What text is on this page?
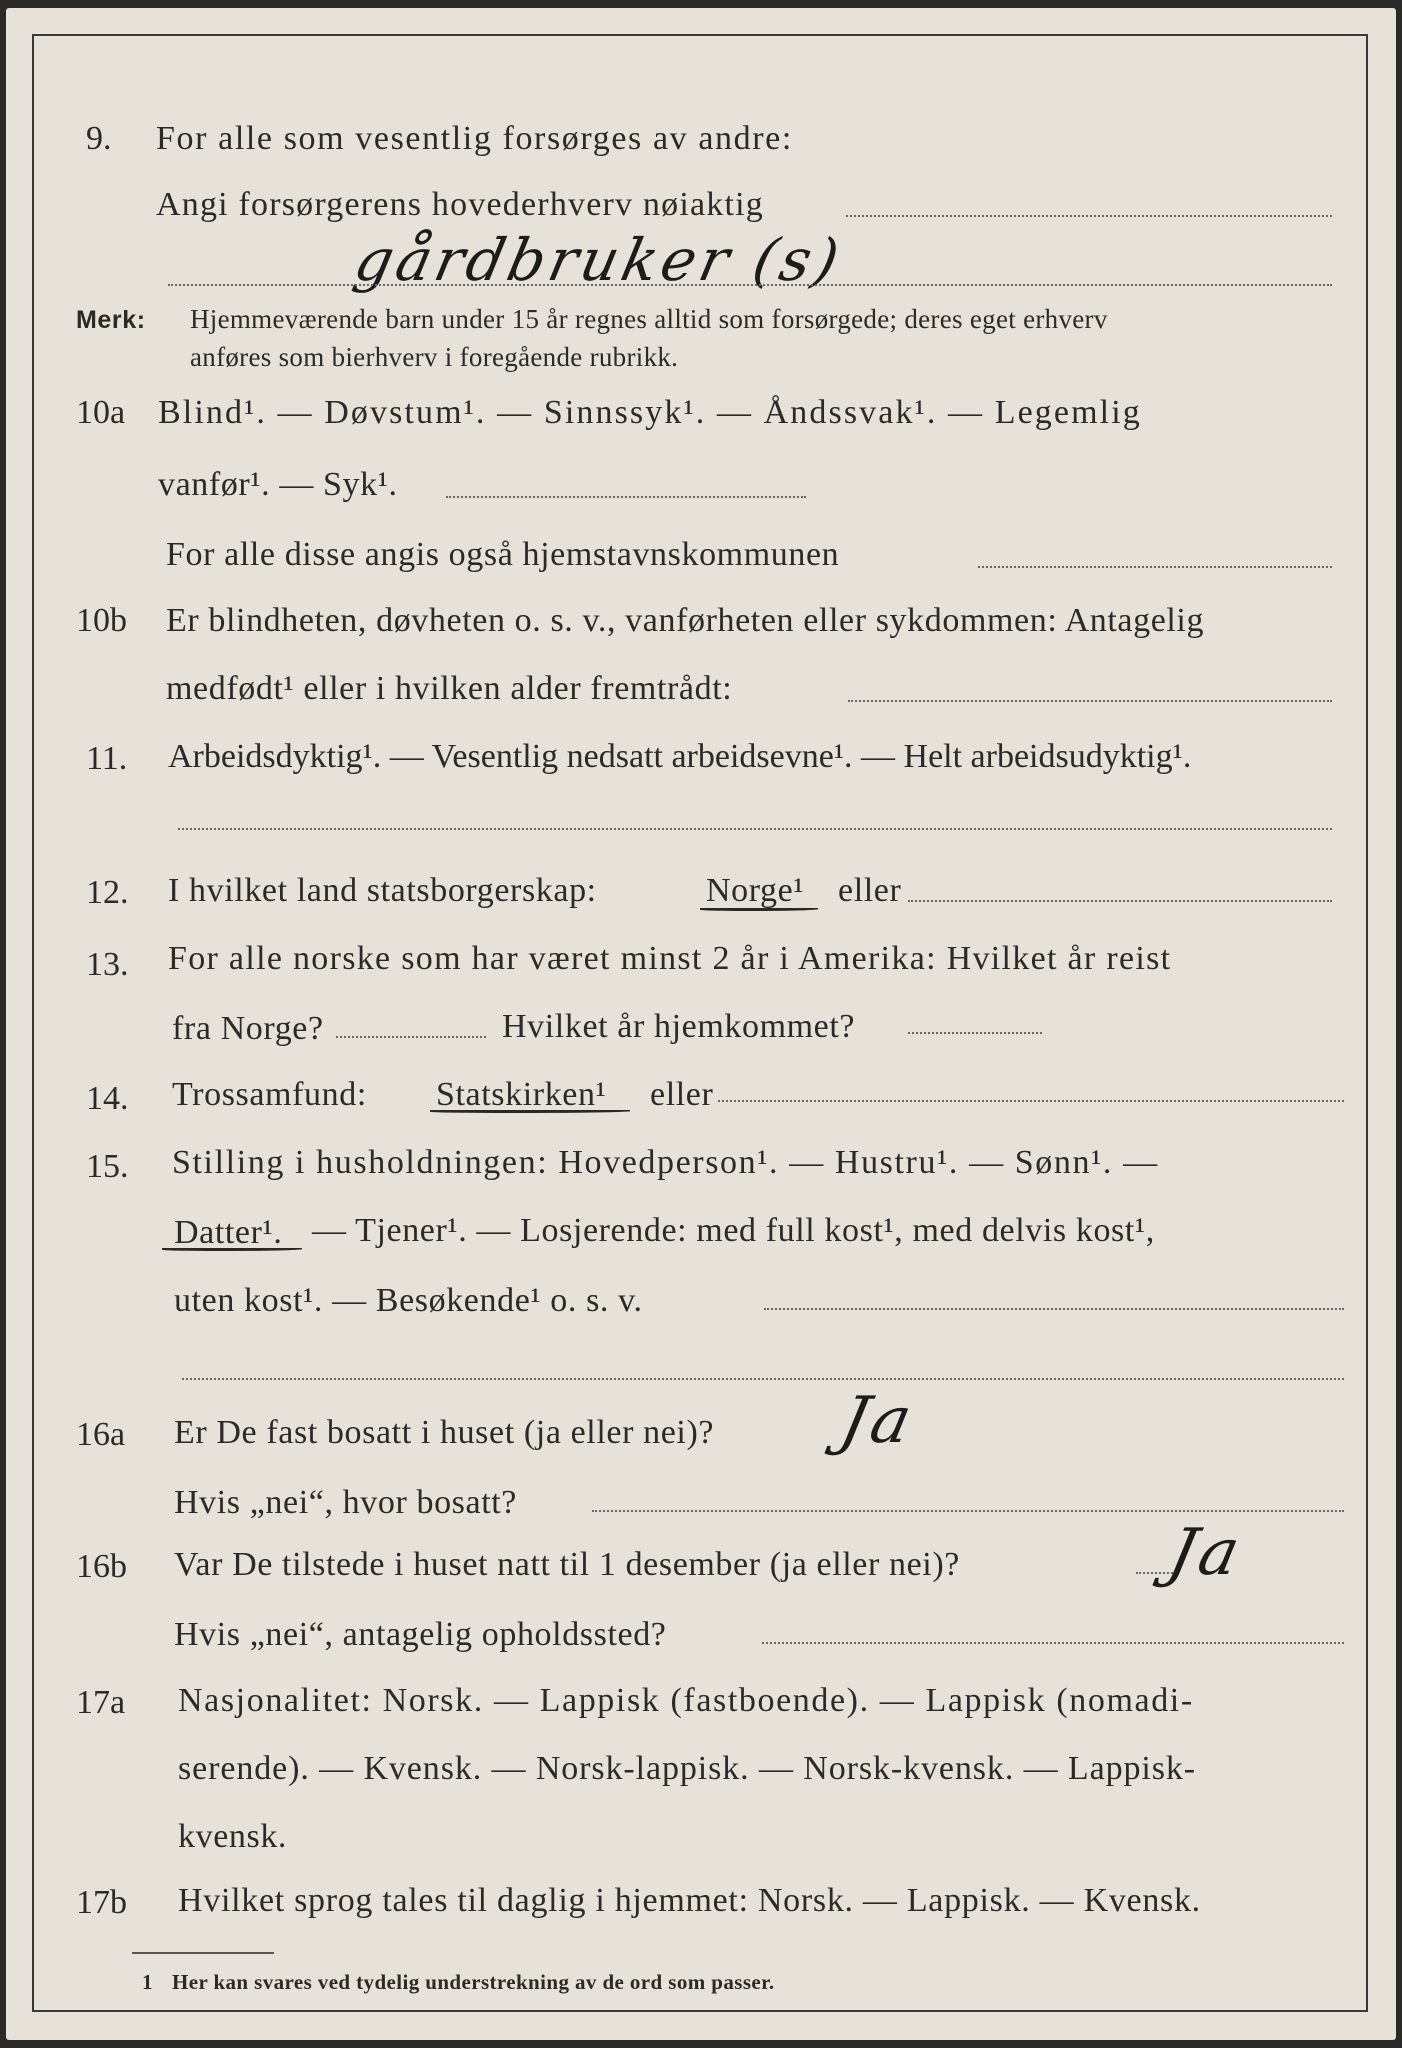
9. For alle som vesentlig forsørges av andre:
Angi forsørgerens hovederhverv nøiaktig
gårdbruker (s)
Merk: Hjemmeværende barn under 15 år regnes alltid som forsørgede; deres eget erhverv
anføres som bierhverv i foregående rubrikk.
10a Blind¹. — Døvstum¹. — Sinnssyk¹. — Åndssvak¹. — Legemlig
vanfør¹. — Syk¹.
For alle disse angis også hjemstavnskommunen
10b Er blindheten, døvheten o. s. v., vanførheten eller sykdommen: Antagelig
medfødt¹ eller i hvilken alder fremtrådt:
11. Arbeidsdyktig¹. — Vesentlig nedsatt arbeidsevne¹. — Helt arbeidsudyktig¹.
12. I hvilket land statsborgerskap:	Norge¹ eller
13. For alle norske som har været minst 2 år i Amerika: Hvilket år reist
fra Norge?	Hvilket år hjemkommet?
14. Trossamfund: Statskirken¹ eller
15. Stilling i husholdningen: Hovedperson¹. — Hustru¹. — Sønn¹. —
Datter¹. — Tjener¹. — Losjerende: med full kost¹, med delvis kost¹,
uten kost¹. — Besøkende¹ o. s. v.
16a Er De fast bosatt i huset (ja eller nei)? Ja
Hvis „nei“, hvor bosatt?
16b Var De tilstede i huset natt til 1 desember (ja eller nei)?	Ja
Hvis „nei“, antagelig opholdssted?
17a Nasjonalitet: Norsk. — Lappisk (fastboende). — Lappisk (nomadi-
serende). — Kvensk. — Norsk-lappisk. — Norsk-kvensk. — Lappisk-
kvensk.
17b Hvilket sprog tales til daglig i hjemmet: Norsk. — Lappisk. — Kvensk.
1 Her kan svares ved tydelig understrekning av de ord som passer.
